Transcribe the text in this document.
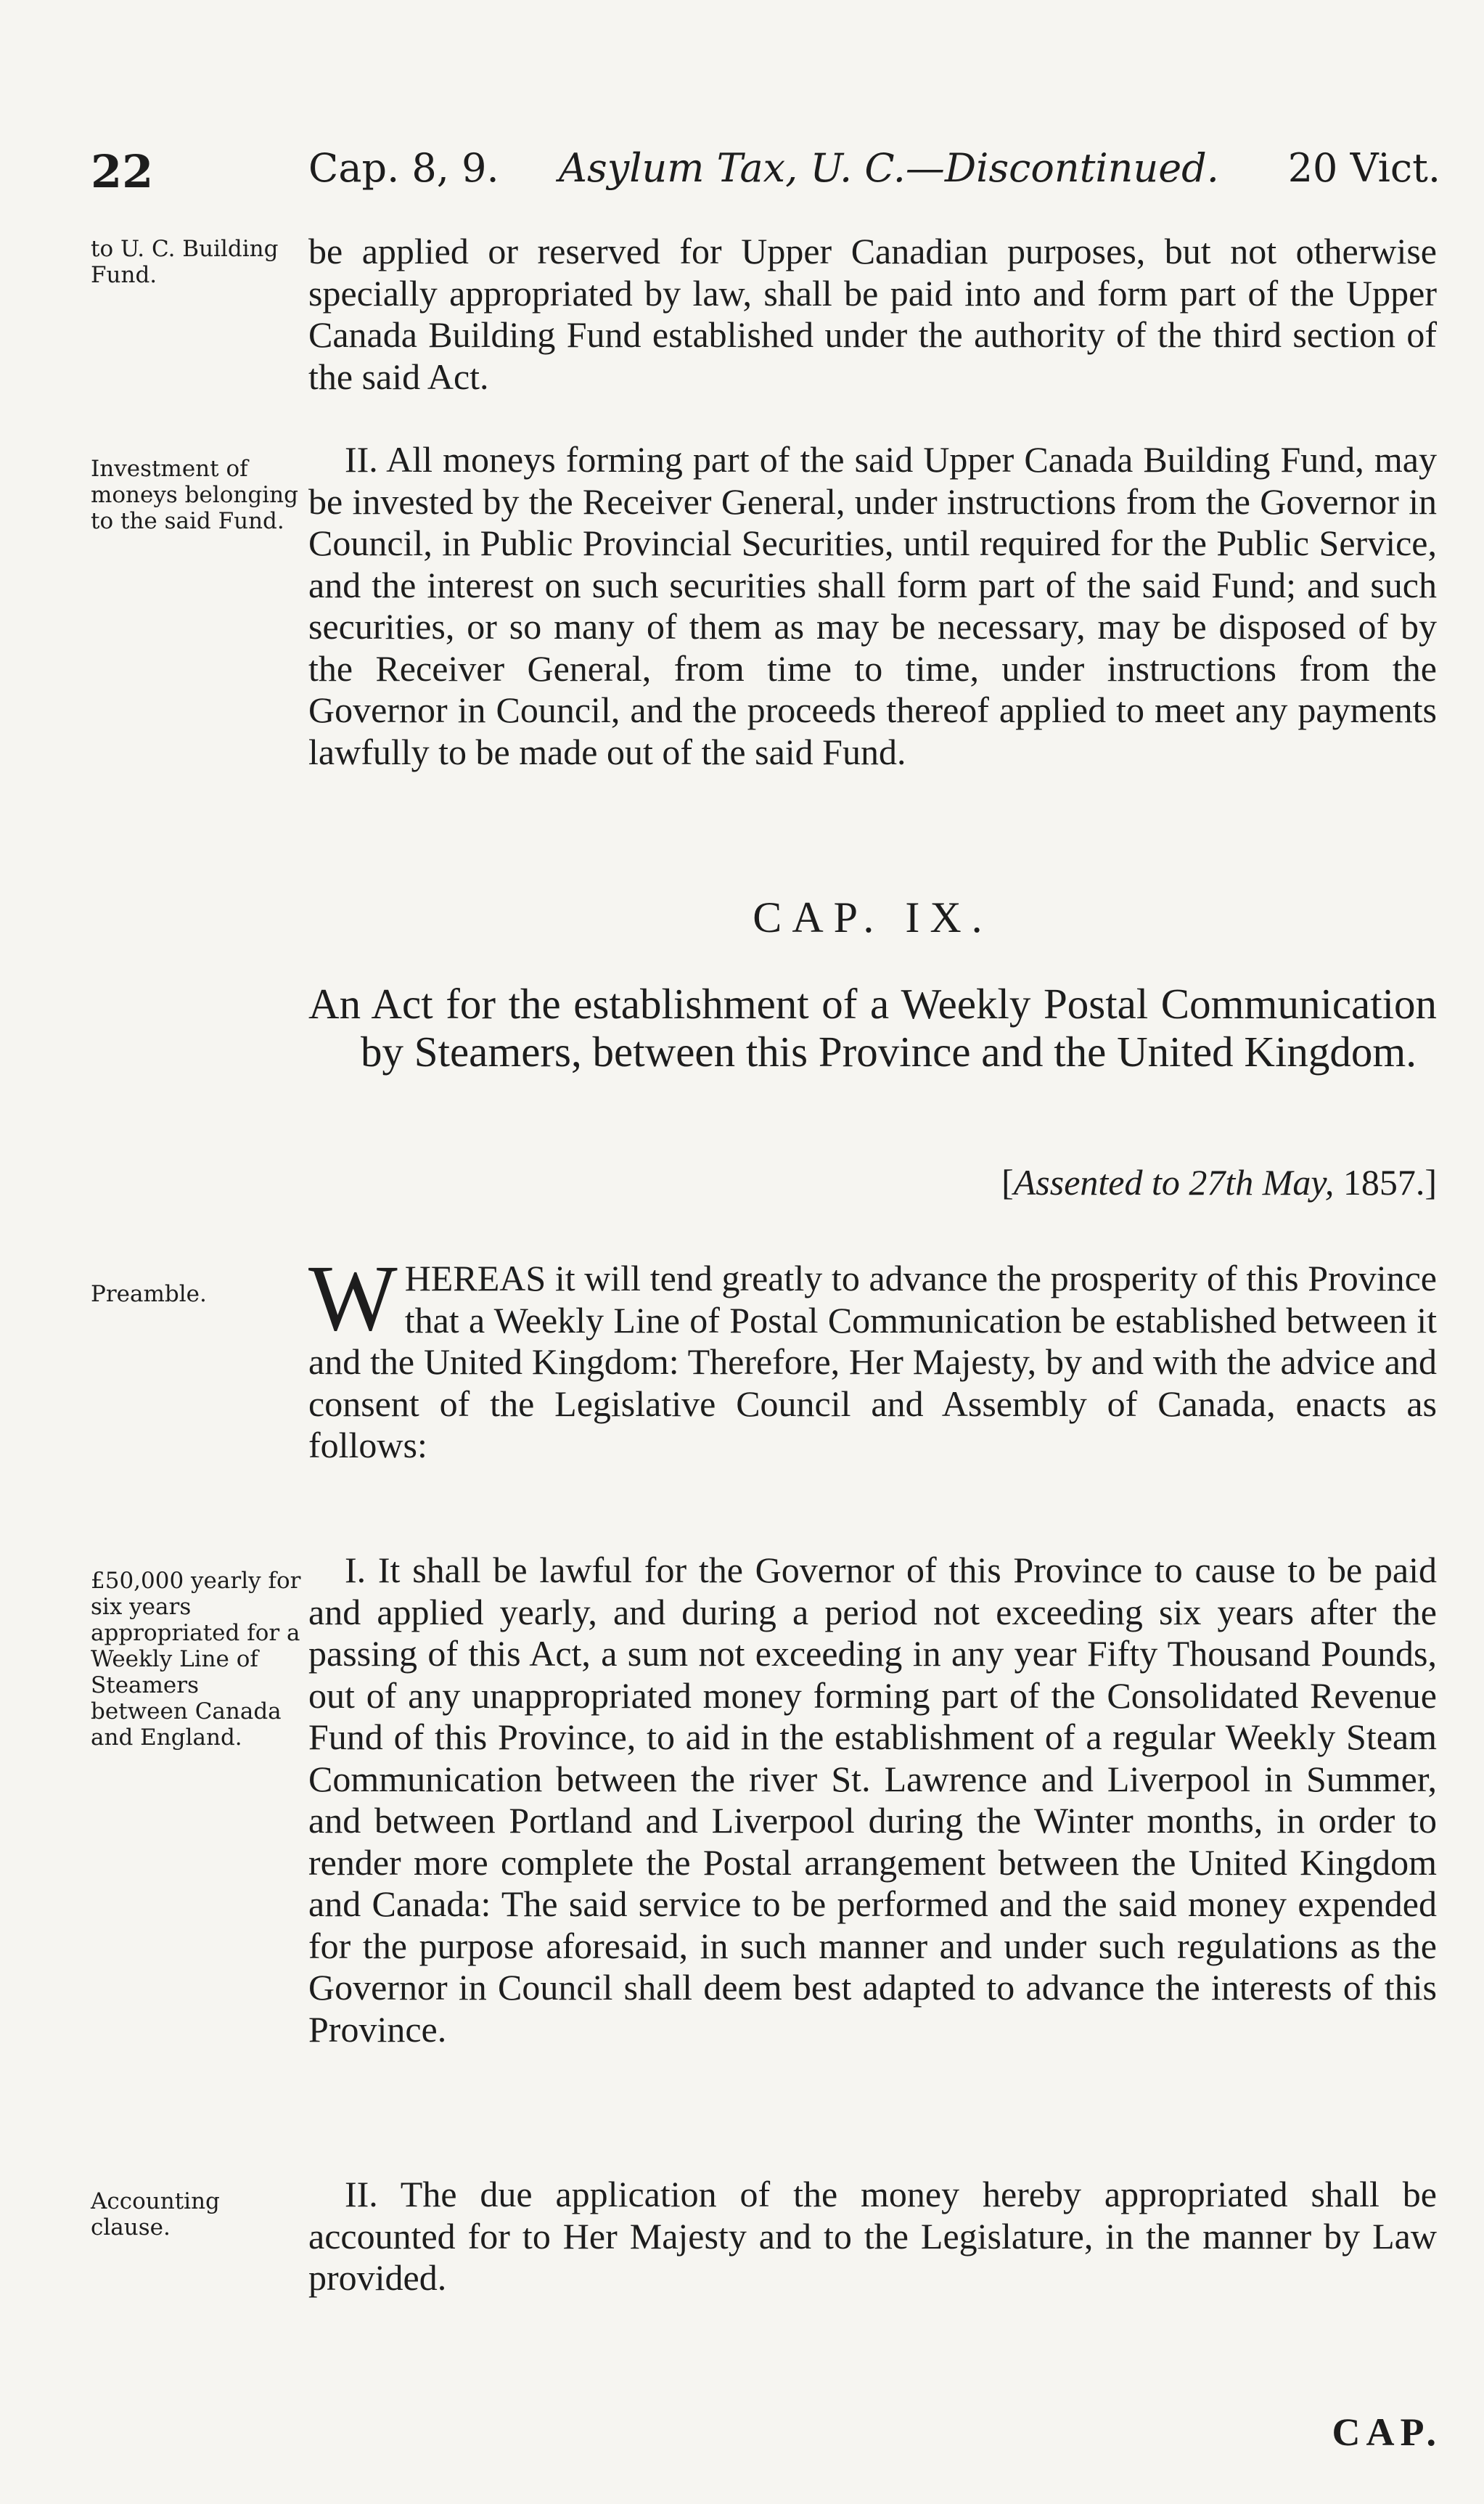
22	Cap. 8, 9. Asylum Tax, U. C.—Discontinued. 20 Vict.
to U. C. Building Fund.
be applied or reserved for Upper Canadian purposes, but not otherwise specially appropriated by law, shall be paid into and form part of the Upper Canada Building Fund established under the authority of the third section of the said Act.
Investment of moneys belonging to the said Fund.
II. All moneys forming part of the said Upper Canada Building Fund, may be invested by the Receiver General, under instructions from the Governor in Council, in Public Provincial Securities, until required for the Public Service, and the interest on such securities shall form part of the said Fund; and such securities, or so many of them as may be necessary, may be disposed of by the Receiver General, from time to time, under instructions from the Governor in Council, and the proceeds thereof applied to meet any payments lawfully to be made out of the said Fund.
CAP. IX.
An Act for the establishment of a Weekly Postal Communication by Steamers, between this Province and the United Kingdom.
[Assented to 27th May, 1857.]
Preamble.	WHEREAS it will tend greatly to advance the prosperity of this Province that a Weekly Line of Postal Communication be established between it and the United Kingdom: Therefore, Her Majesty, by and with the advice and consent of the Legislative Council and Assembly of Canada, enacts as follows:
£50,000 yearly for six years appropriated for a Weekly Line of Steamers between Canada and England.
I. It shall be lawful for the Governor of this Province to cause to be paid and applied yearly, and during a period not exceeding six years after the passing of this Act, a sum not exceeding in any year Fifty Thousand Pounds, out of any unappropriated money forming part of the Consolidated Revenue Fund of this Province, to aid in the establishment of a regular Weekly Steam Communication between the river St. Lawrence and Liverpool in Summer, and between Portland and Liverpool during the Winter months, in order to render more complete the Postal arrangement between the United Kingdom and Canada: The said service to be performed and the said money expended for the purpose aforesaid, in such manner and under such regulations as the Governor in Council shall deem best adapted to advance the interests of this Province.
Accounting clause.
II. The due application of the money hereby appropriated shall be accounted for to Her Majesty and to the Legislature, in the manner by Law provided.
CAP.
